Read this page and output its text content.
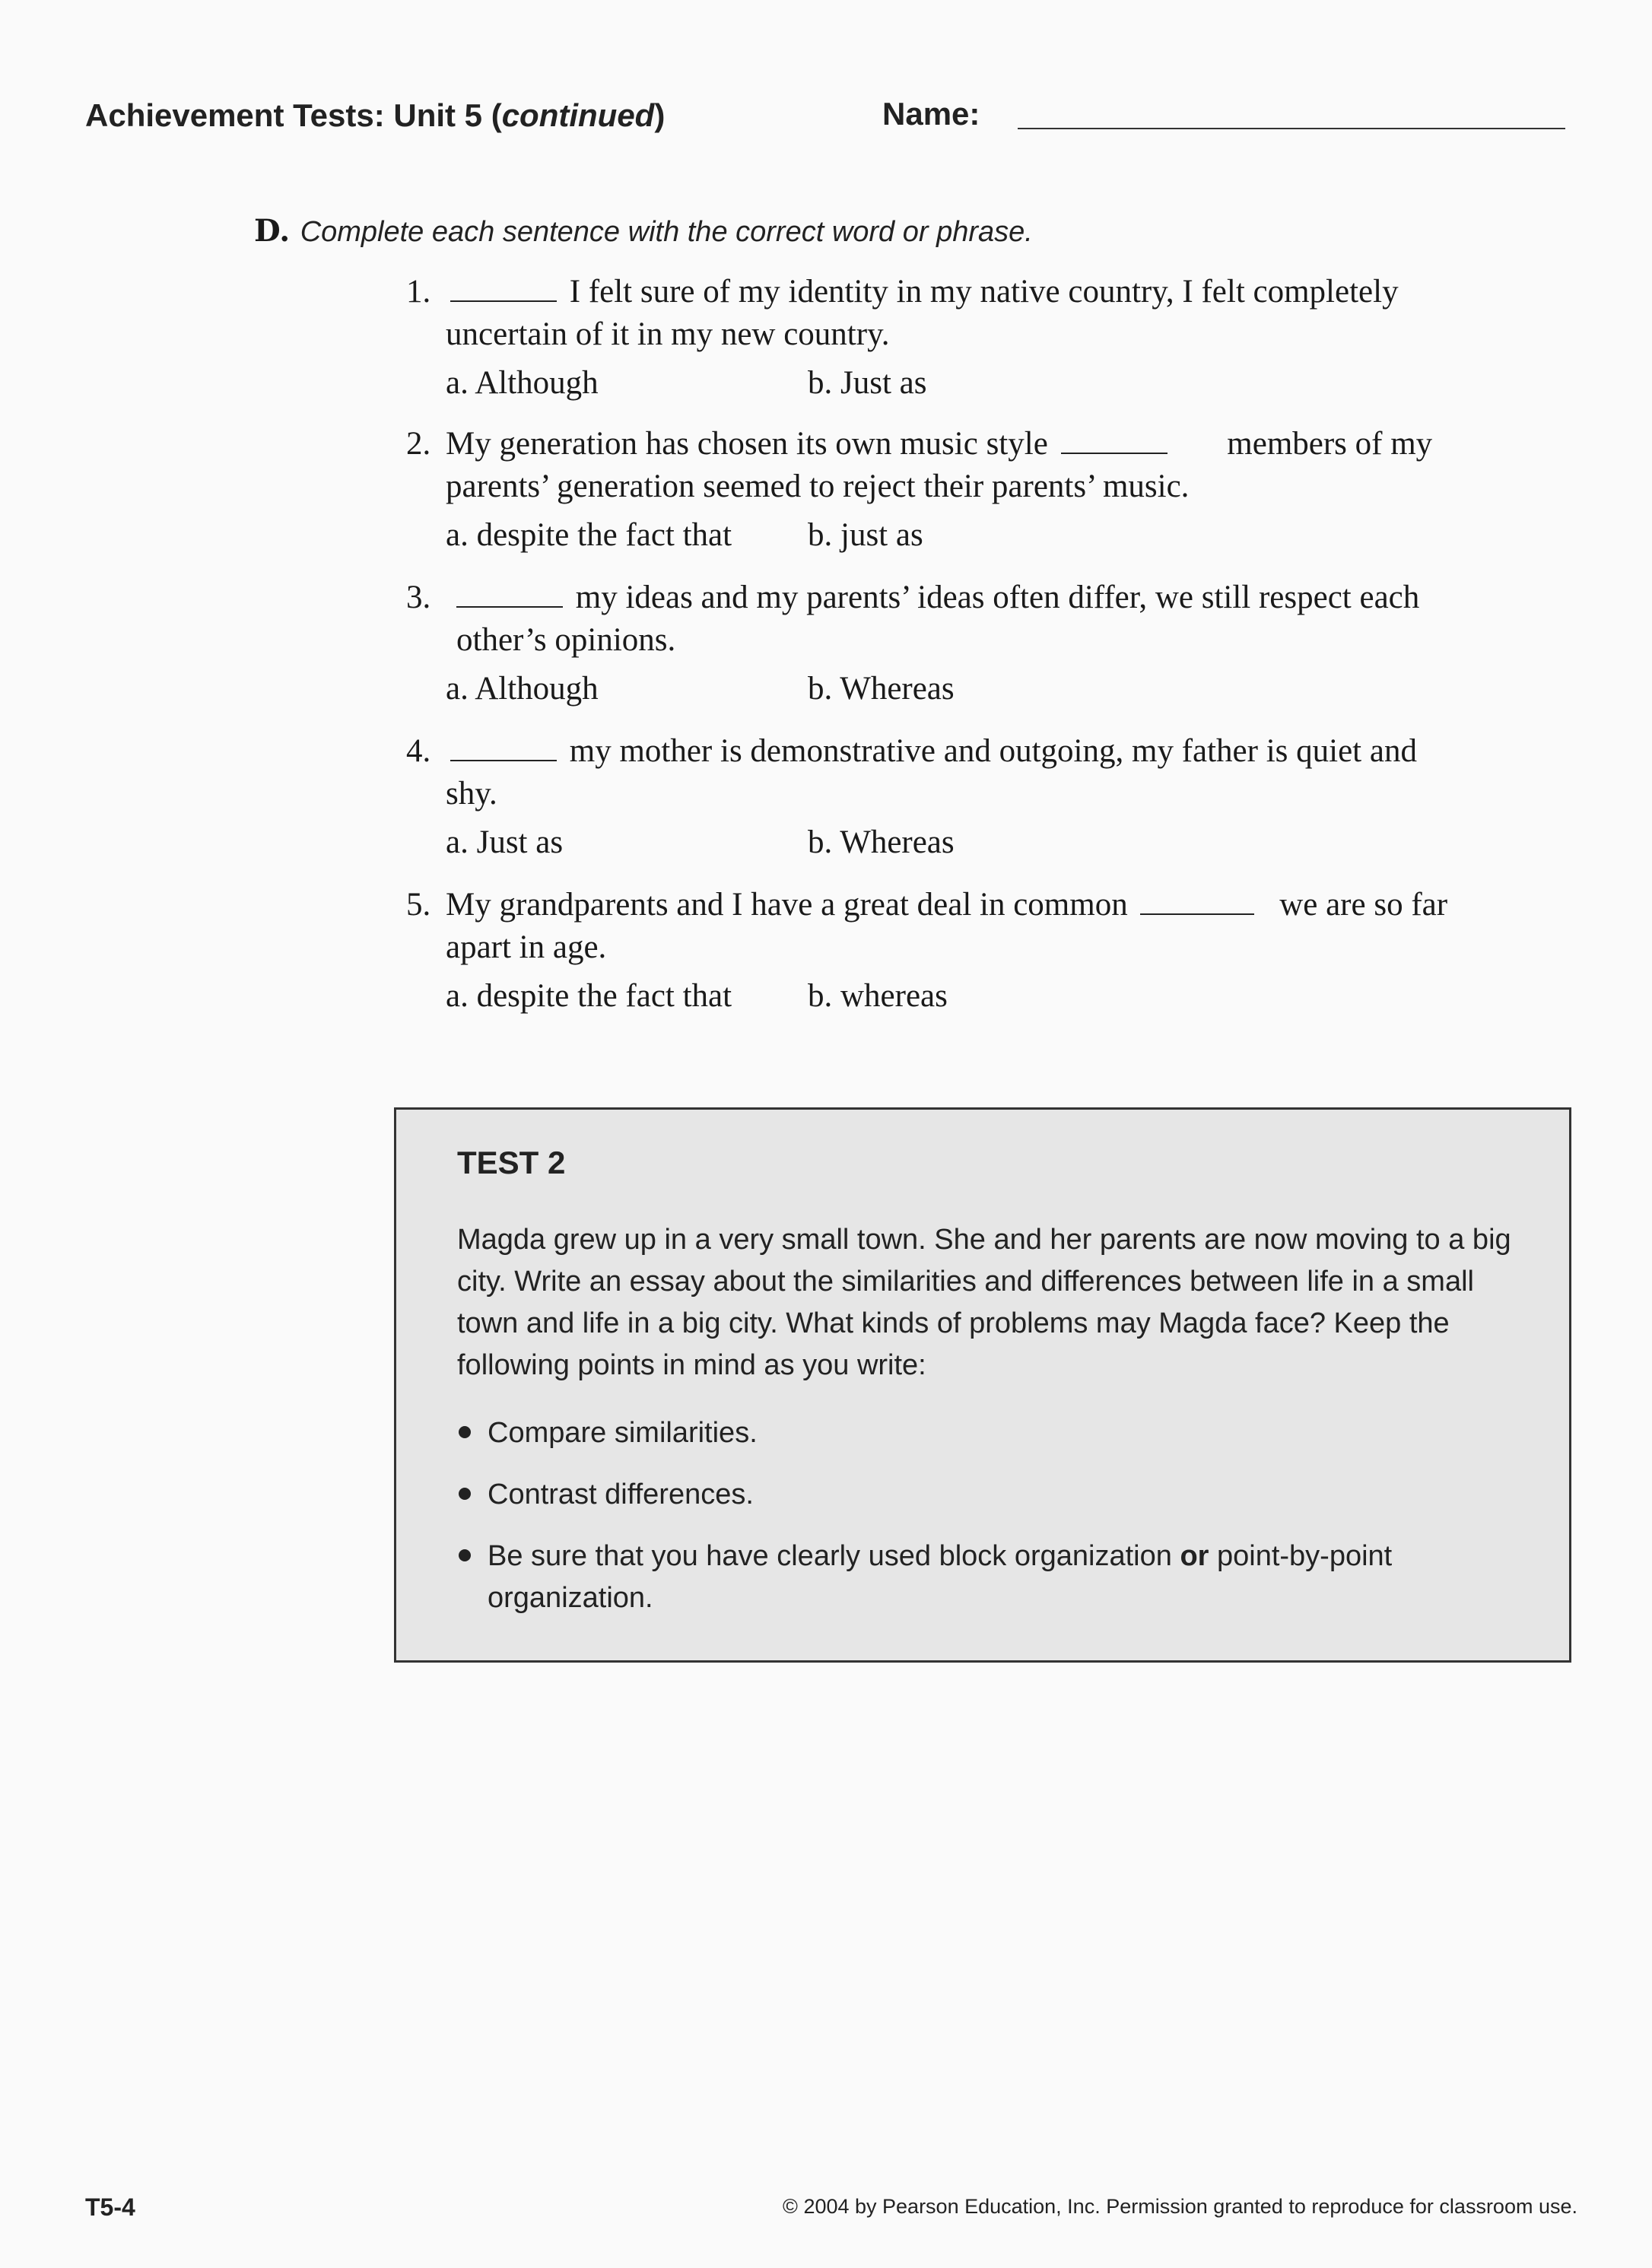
Achievement Tests: Unit 5 (continued)	Name:
D. Complete each sentence with the correct word or phrase.
1.	I felt sure of my identity in my native country, I felt completely
uncertain of it in my new country.
a. Although	b. Just as
2. My generation has chosen its own music style	members of my
parents’ generation seemed to reject their parents’ music.
a. despite the fact that b. just as
3.	my ideas and my parents’ ideas often differ, we still respect each
other’s opinions.
a. Although	b. Whereas
4.	my mother is demonstrative and outgoing, my father is quiet and
shy.
a. Just as	b. Whereas
5. My grandparents and I have a great deal in common	we are so far
apart in age.
a. despite the fact that b. whereas
TEST 2
Magda grew up in a very small town. She and her parents are now moving to a big city. Write an essay about the similarities and differences between life in a small town and life in a big city. What kinds of problems may Magda face? Keep the following points in mind as you write:
Compare similarities.
Contrast differences.
Be sure that you have clearly used block organization or point-by-point organization.
T5-4	© 2004 by Pearson Education, Inc. Permission granted to reproduce for classroom use.
